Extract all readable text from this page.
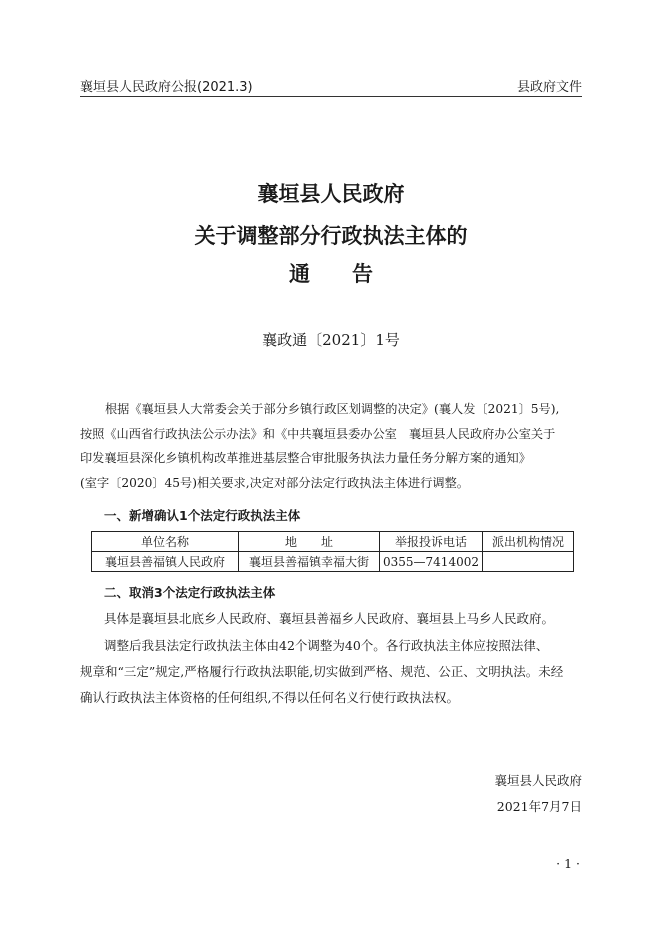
襄垣县人民政府公报(2021.3)	县政府文件
襄垣县人民政府
关于调整部分行政执法主体的
通 告
襄政通〔2021〕1号
根据《襄垣县人大常委会关于部分乡镇行政区划调整的决定》(襄人发〔2021〕5号),
按照《山西省行政执法公示办法》和《中共襄垣县委办公室　襄垣县人民政府办公室关于
印发襄垣县深化乡镇机构改革推进基层整合审批服务执法力量任务分解方案的通知》
(室字〔2020〕45号)相关要求,决定对部分法定行政执法主体进行调整。
一、新增确认1个法定行政执法主体
单位名称	地　　址	举报投诉电话	派出机构情况
襄垣县善福镇人民政府	襄垣县善福镇幸福大街	0355—7414002	
二、取消3个法定行政执法主体
具体是襄垣县北底乡人民政府、襄垣县善福乡人民政府、襄垣县上马乡人民政府。
调整后我县法定行政执法主体由42个调整为40个。各行政执法主体应按照法律、
规章和“三定”规定,严格履行行政执法职能,切实做到严格、规范、公正、文明执法。未经
确认行政执法主体资格的任何组织,不得以任何名义行使行政执法权。
襄垣县人民政府
2021年7月7日
· 1 ·
